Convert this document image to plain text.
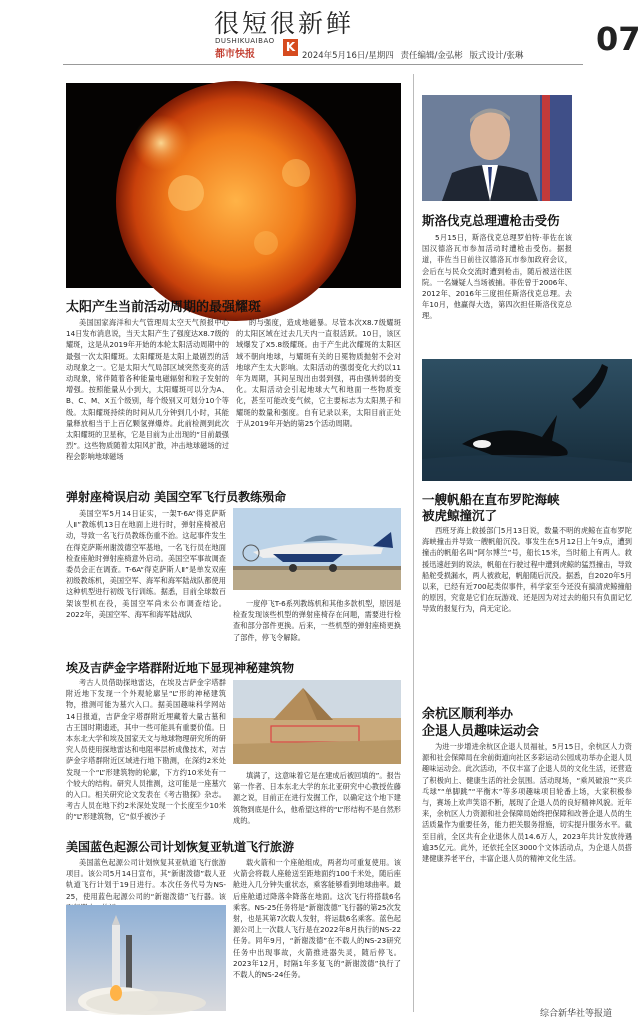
很短很新鲜
DUSHIKUAIBAO
都市快报
K
2024年5月16日/星期四 责任编辑/金弘彬 版式设计/张琳 07
太阳产生当前活动周期的最强耀斑
美国国家海洋和大气管理局太空天气预报中心14日发布消息说，当天太阳产生了强度达X8.7级的耀斑，这是从2019年开始的本轮太阳活动周期中的最强一次太阳耀斑。太阳耀斑是太阳上最剧烈的活动现象之一。它是太阳大气局部区域突然变亮的活动现象，常伴随着各种能量电磁辐射和粒子发射的增强。按照能量从小到大，太阳耀斑可以分为A、B、C、M、X五个级别，每个级别又可划分10个等级。太阳耀斑持续的时间从几分钟到几小时，其能量释放相当于上百亿颗氢弹爆炸。此前检测到此次太阳耀斑的卫星称，它是目前为止出现的“目前最强烈”。这些物质随着太阳风扩散，冲击地球磁场的过程会影响地球磁场
的与强度，造成地磁暴。尽管本次X8.7级耀斑的太阳区域在过去几天内一直很活跃。10日，该区域爆发了X5.8级耀斑。由于产生此次耀斑的太阳区域不朝向地球，与耀斑有关的日冕物质抛射不会对地球产生太大影响。太阳活动的强弱变化大约以11年为周期，其间呈现出由弱到强，再由强转弱的变化。太阳活动会引起地球大气和地面一些物质变化，甚至可能改变气候，它主要标志为太阳黑子和耀斑的数量和强度。自有记录以来，太阳目前正处于从2019年开始的第25个活动周期。
斯洛伐克总理遭枪击受伤
5月15日，斯洛伐克总理罗伯特·菲佐在该国汉德洛瓦市参加活动时遭枪击受伤。据报道，菲佐当日前往汉德洛瓦市参加政府会议，会后在与民众交流时遭到枪击，随后被送往医院。一名嫌疑人当场被捕。菲佐曾于2006年、2012年、2016年三度担任斯洛伐克总理。去年10月，他赢得大选，第四次担任斯洛伐克总理。
一艘帆船在直布罗陀海峡
被虎鲸撞沉了
西班牙海上救援部门5月13日说，数量不明的虎鲸在直布罗陀海峡撞击并导致一艘帆船沉没。事发生在5月12日上午9点，遭到撞击的帆船名叫“阿尔博兰”号，船长15米，当时船上有两人。救援迅速赶到的说法，帆船在行驶过程中遭到虎鲸的猛烈撞击，导致船舵受损漏水，两人被救起，帆船随后沉没。据悉，自2020年5月以来，已经有近700起类似事件，科学家至今还没有搞清虎鲸撞船的原因，究竟是它们在玩游戏、还是因为对过去的船只有负面记忆导致的报复行为，尚无定论。
弹射座椅误启动 美国空军飞行员教练殒命
美国空军5月14日证实，一架T-6A“得克萨斯人Ⅱ”教练机13日在地面上进行时，弹射座椅被启动，导致一名飞行员教练伤重不治。这起事件发生在得克萨斯州谢泼德空军基地，一名飞行员在地面检查座舱时弹射座椅意外启动。美国空军事故调查委员会正在调查。T-6A“得克萨斯人Ⅱ”是单发双座初级教练机，美国空军、海军和海军陆战队都使用这种机型进行初级飞行训练。据悉，目前全球数百架该型机在役，美国空军尚未公布调查结论。2022年，美国空军、海军和海军陆战队
一度停飞T-6系列教练机和其他多款机型，原因是检查发现该些机型的弹射座椅存在问题，需要进行检查和部分部件更换。后来，一些机型的弹射座椅更换了部件，停飞令解除。
埃及吉萨金字塔群附近地下显现神秘建筑物
考古人员借助探地雷达，在埃及吉萨金字塔群附近地下发现一个外观轮廓呈“L”形的神秘建筑物，推测可能为墓穴入口。据美国趣味科学网站14日报道，吉萨金字塔群附近埋藏着大量古墓和古王国时期遗迹，其中一些可能具有重要价值。日本东北大学和埃及国家天文与地球物理研究所的研究人员使用探地雷达和电阻率层析成像技术，对吉萨金字塔群附近区域进行地下勘测，在深约2米处发现一个“L”形建筑物的轮廓，下方约10米处有一个较大的结构。研究人员推测，这可能是一座墓穴的入口。相关研究论文发表在《考古勘探》杂志。考古人员在地下约2米深处发现一个长度至少10米的“L”形建筑物，它“似乎被沙子
填满了，这意味着它是在建成后被回填的”。报告第一作者、日本东北大学的东北亚研究中心教授佐藤源之说，目前正在进行发掘工作，以确定这个地下建筑物到底是什么，他希望这样的“L”形结构不是自然形成的。
余杭区顺利举办
企退人员趣味运动会
为进一步增进余杭区企退人员福祉，5月15日，余杭区人力资源和社会保障局在余前街道向社区多彩运动公园成功举办企退人员趣味运动会。此次活动，不仅丰富了企退人员的文化生活，还营造了积极向上、健康生活的社会氛围。活动现场，“乘风破浪”“夹乒乓球”“单脚跳”“平衡木”等多项趣味项目轮番上场，大家积极参与，赛场上欢声笑语不断，展现了企退人员的良好精神风貌。近年来，余杭区人力资源和社会保障局始终把保障和改善企退人员的生活质量作为重要任务，能力把关服务措施，切实提升服务水平。截至目前，全区共有企业退休人员14.6万人，2023年共计发放待遇逾35亿元。此外，还依托全区3000个文体活动点，为企退人员搭建健康养老平台，丰富企退人员的精神文化生活。
美国蓝色起源公司计划恢复亚轨道飞行旅游
美国蓝色起源公司计划恢复其亚轨道飞行旅游项目。该公司5月14日宣布，其“新谢泼德”载人亚轨道飞行计划于19日进行。本次任务代号为NS-25，使用蓝色起源公司的“新谢泼德”飞行器。该
载火箭和一个座舱组成，两者均可重复使用。该火箭会将载人座舱送至距地面约100千米处，随后座舱进入几分钟失重状态，乘客能够看到地球曲率。最后座舱通过降落伞降落在地面。这次飞行将搭载6名乘客。NS-25任务将是“新谢泼德”飞行器的第25次发射，也是其第7次载人发射，将运载6名乘客。蓝色起源公司上一次载人飞行是在2022年8月执行的NS-22任务。同年9月，“新谢泼德”在不载人的NS-23研究任务中出现事故，火箭推进器失灵，随后停飞。2023年12月，时隔1年多复飞的“新谢泼德”执行了不载人的NS-24任务。
综合新华社等报道
